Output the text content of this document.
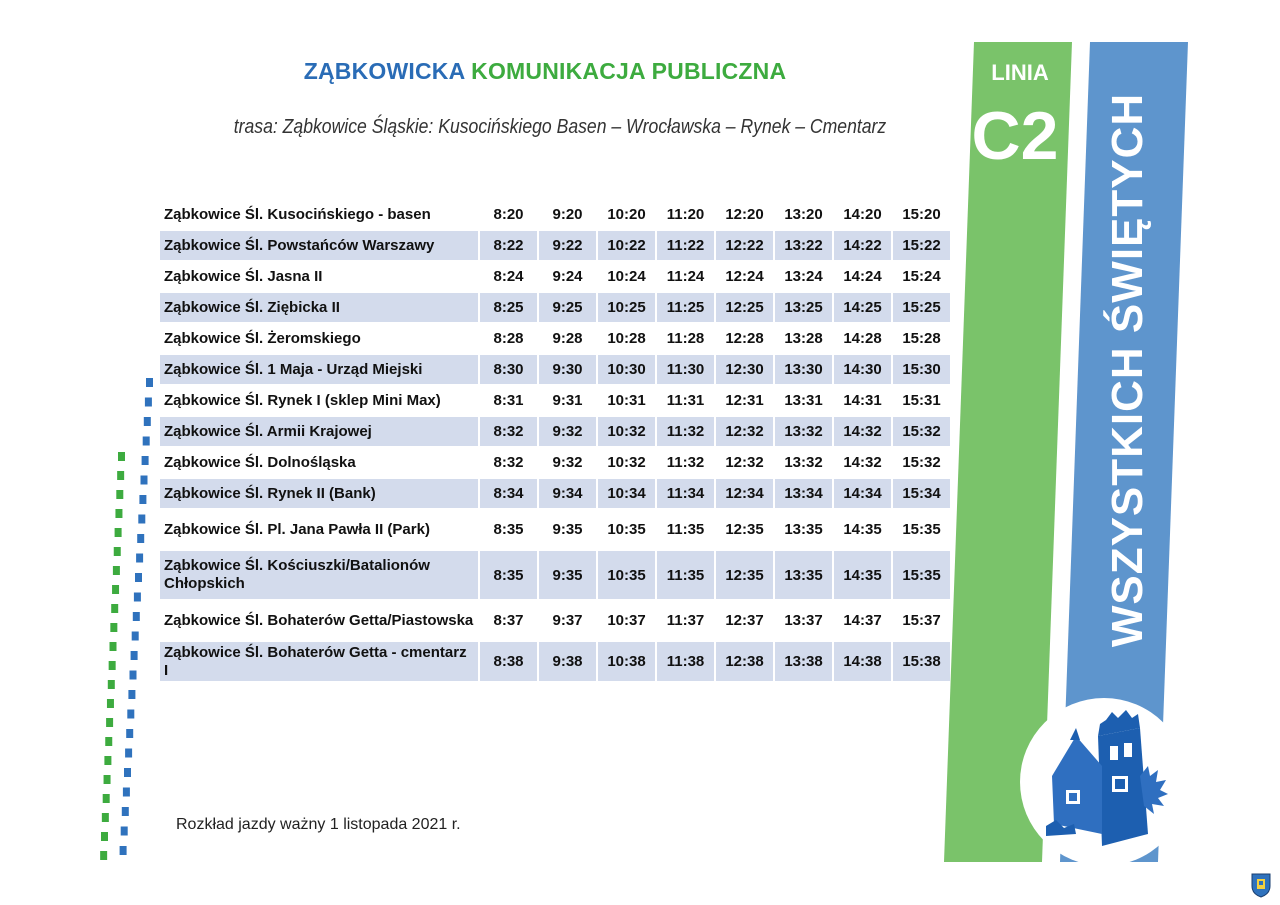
ZĄBKOWICKA KOMUNIKACJA PUBLICZNA
trasa: Ząbkowice Śląskie: Kusocińskiego Basen – Wrocławska – Rynek – Cmentarz
Ząbkowice Śl. Kusocińskiego - basen	8:20	9:20	10:20	11:20	12:20	13:20	14:20	15:20
Ząbkowice Śl. Powstańców Warszawy	8:22	9:22	10:22	11:22	12:22	13:22	14:22	15:22
Ząbkowice Śl. Jasna II	8:24	9:24	10:24	11:24	12:24	13:24	14:24	15:24
Ząbkowice Śl. Ziębicka II	8:25	9:25	10:25	11:25	12:25	13:25	14:25	15:25
Ząbkowice Śl. Żeromskiego	8:28	9:28	10:28	11:28	12:28	13:28	14:28	15:28
Ząbkowice Śl. 1 Maja - Urząd Miejski	8:30	9:30	10:30	11:30	12:30	13:30	14:30	15:30
Ząbkowice Śl. Rynek I (sklep Mini Max)	8:31	9:31	10:31	11:31	12:31	13:31	14:31	15:31
Ząbkowice Śl. Armii Krajowej	8:32	9:32	10:32	11:32	12:32	13:32	14:32	15:32
Ząbkowice Śl. Dolnośląska	8:32	9:32	10:32	11:32	12:32	13:32	14:32	15:32
Ząbkowice Śl. Rynek II (Bank)	8:34	9:34	10:34	11:34	12:34	13:34	14:34	15:34
Ząbkowice Śl. Pl. Jana Pawła II (Park)	8:35	9:35	10:35	11:35	12:35	13:35	14:35	15:35
Ząbkowice Śl. Kościuszki/Batalionów Chłopskich	8:35	9:35	10:35	11:35	12:35	13:35	14:35	15:35
Ząbkowice Śl. Bohaterów Getta/Piastowska	8:37	9:37	10:37	11:37	12:37	13:37	14:37	15:37
Ząbkowice Śl. Bohaterów Getta - cmentarz I	8:38	9:38	10:38	11:38	12:38	13:38	14:38	15:38
Rozkład jazdy ważny 1 listopada 2021 r.
LINIA
C2 WSZYSTKICH ŚWIĘTYCH
